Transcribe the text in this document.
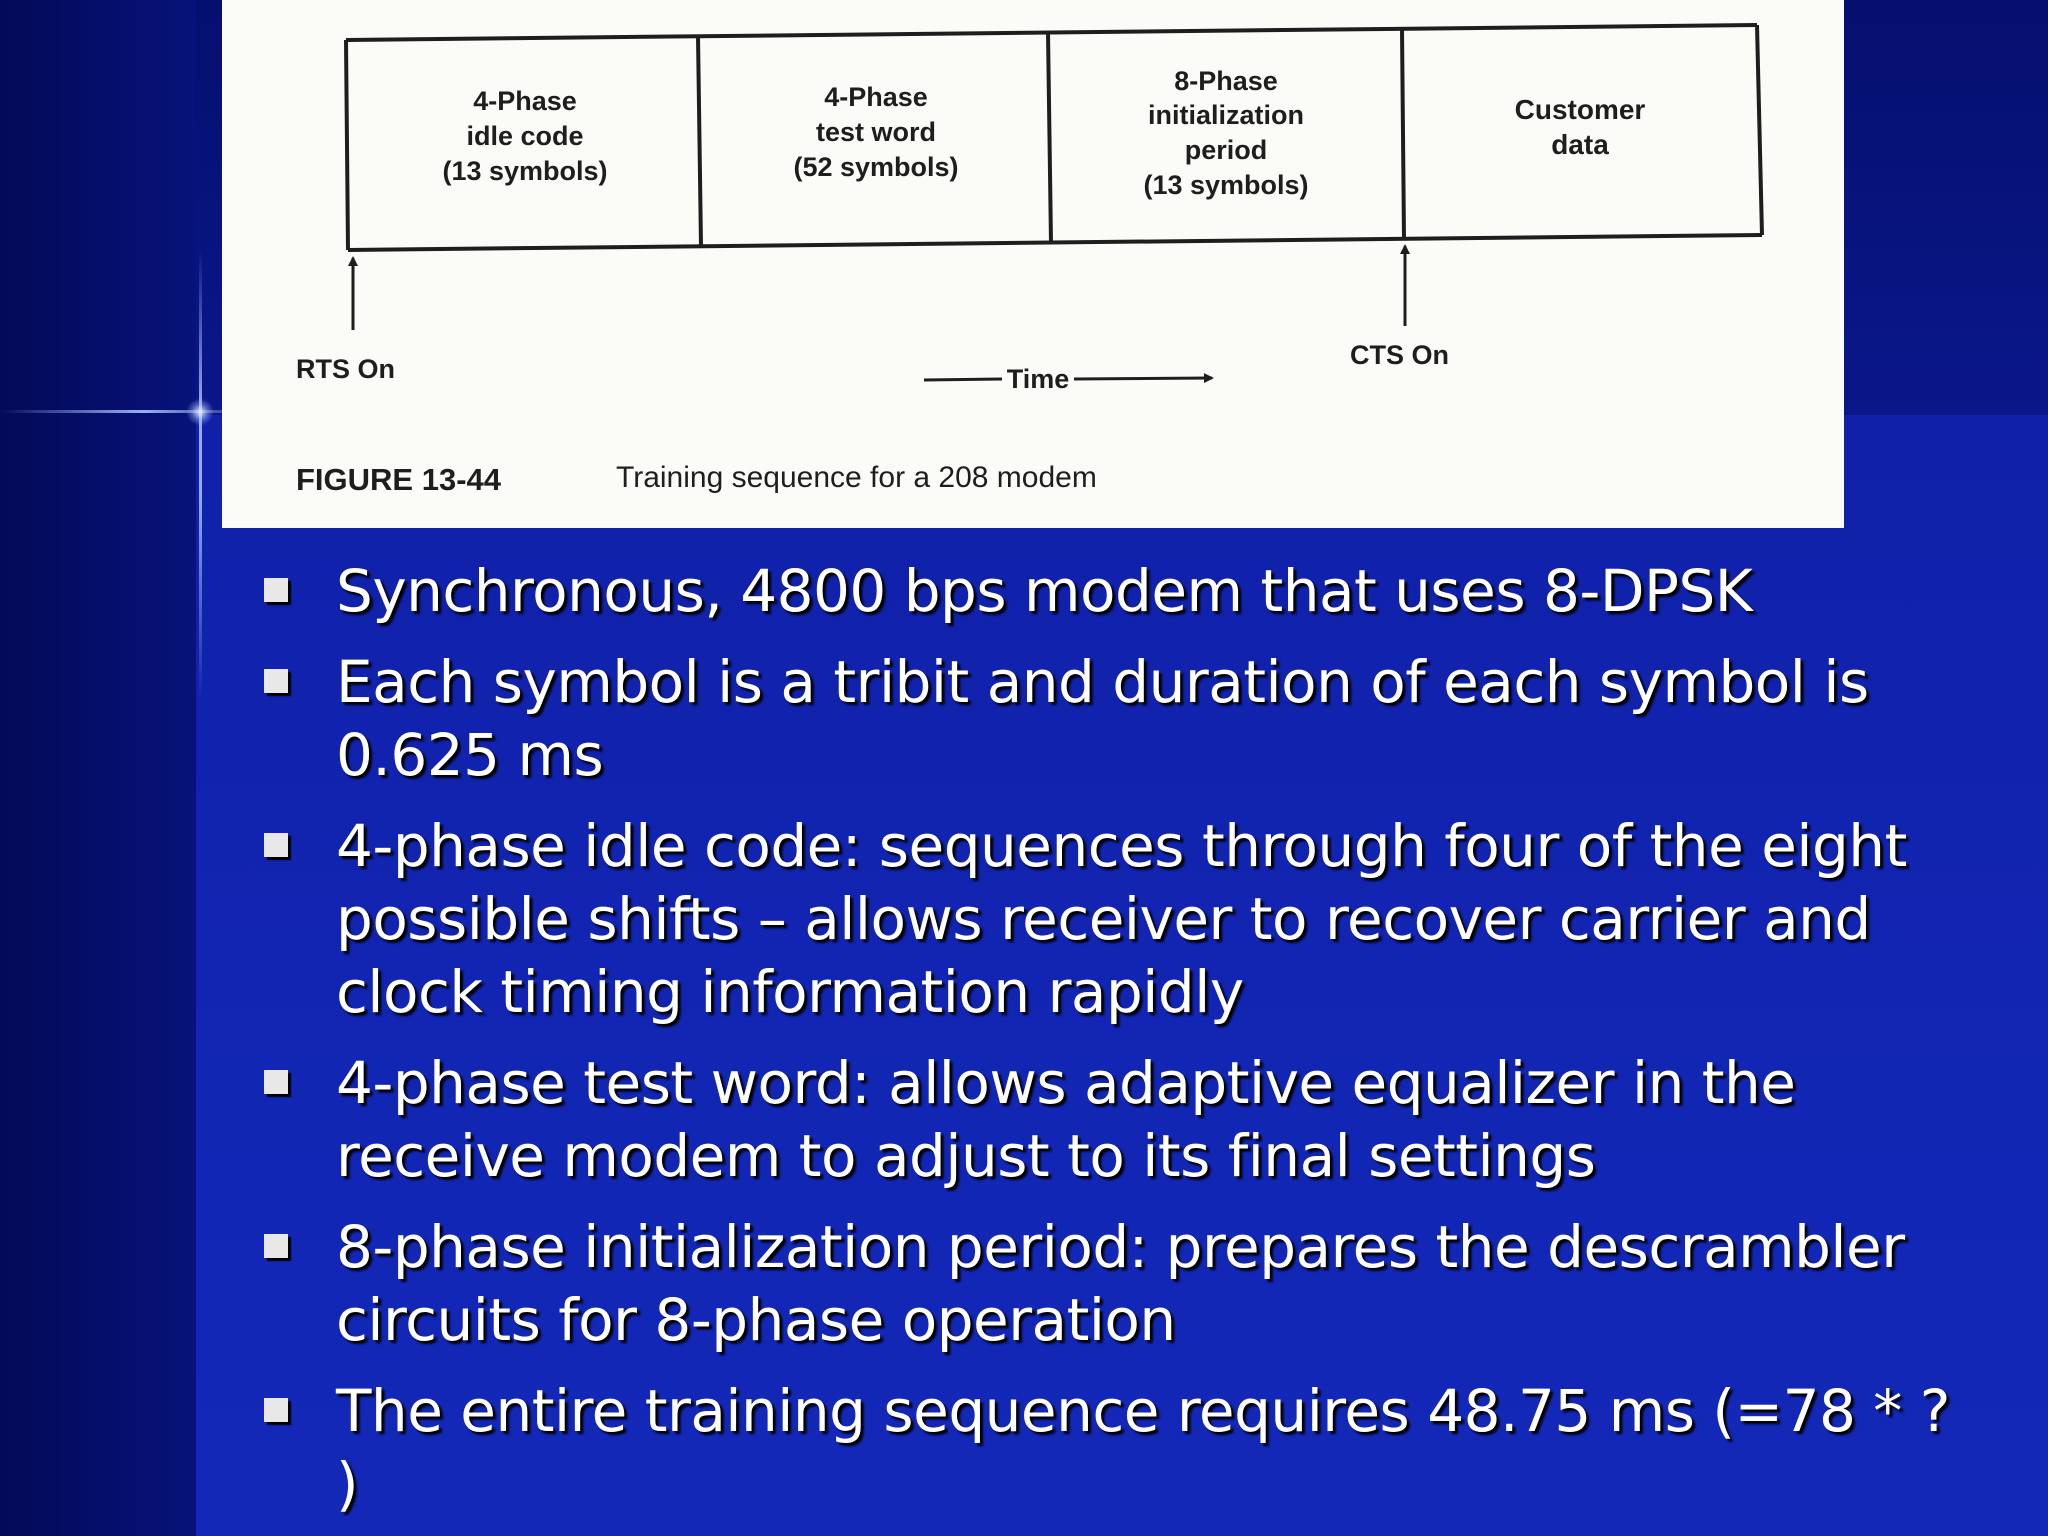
4-Phase
idle code
(13 symbols)
4-Phase
test word
(52 symbols)
8-Phase
initialization
period
(13 symbols)
Customer
data
RTS On	CTS On
Time
FIGURE 13-44	Training sequence for a 208 modem
Synchronous, 4800 bps modem that uses 8-DPSK
Each symbol is a tribit and duration of each symbol is 0.625 ms
4-phase idle code: sequences through four of the eight possible shifts – allows receiver to recover carrier and clock timing information rapidly
4-phase test word: allows adaptive equalizer in the receive modem to adjust to its final settings
8-phase initialization period: prepares the descrambler circuits for 8-phase operation
The entire training sequence requires 48.75 ms (=78 * ? )
